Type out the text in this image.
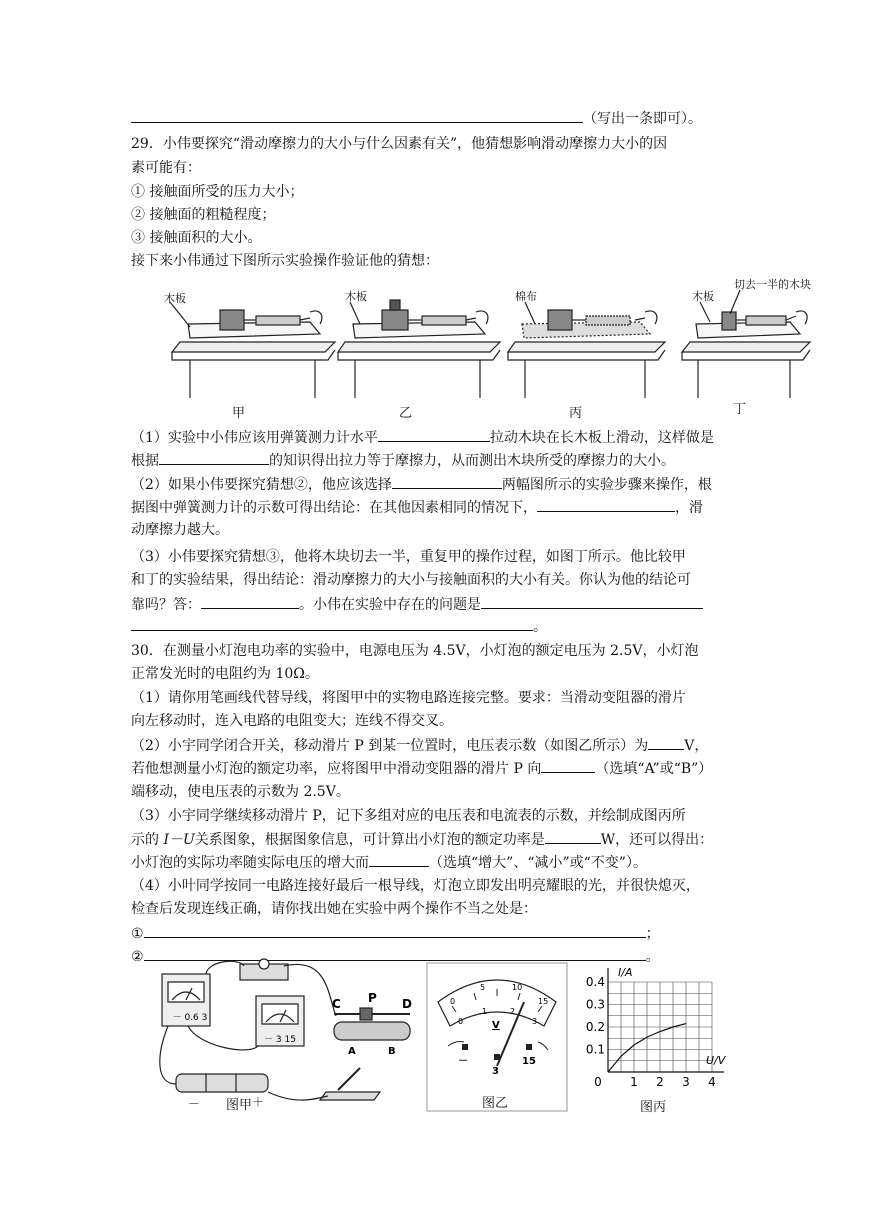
（写出一条即可）。
29．小伟要探究“滑动摩擦力的大小与什么因素有关”，他猜想影响滑动摩擦力大小的因
素可能有：
① 接触面所受的压力大小；
② 接触面的粗糙程度；
③ 接触面积的大小。
接下来小伟通过下图所示实验操作验证他的猜想：
木板	木板	棉布	木板
切去一半的木块
甲	乙	丙	丁
（1）实验中小伟应该用弹簧测力计水平	拉动木块在长木板上滑动，这样做是
根据	的知识得出拉力等于摩擦力，从而测出木块所受的摩擦力的大小。
（2）如果小伟要探究猜想②，他应该选择	两幅图所示的实验步骤来操作，根
据图中弹簧测力计的示数可得出结论：在其他因素相同的情况下，	，滑
动摩擦力越大。
（3）小伟要探究猜想③，他将木块切去一半，重复甲的操作过程，如图丁所示。他比较甲
和丁的实验结果，得出结论：滑动摩擦力的大小与接触面积的大小有关。你认为他的结论可
靠吗？答：	。小伟在实验中存在的问题是
。
30．在测量小灯泡电功率的实验中，电源电压为 4.5V，小灯泡的额定电压为 2.5V，小灯泡
正常发光时的电阻约为 10Ω。
（1）请你用笔画线代替导线，将图甲中的实物电路连接完整。要求：当滑动变阻器的滑片
向左移动时，连入电路的电阻变大；连线不得交叉。
（2）小宇同学闭合开关，移动滑片 P 到某一位置时，电压表示数（如图乙所示）为	V，
若他想测量小灯泡的额定功率，应将图甲中滑动变阻器的滑片 P 向	（选填“A”或“B”）
端移动，使电压表的示数为 2.5V。
（3）小宇同学继续移动滑片 P，记下多组对应的电压表和电流表的示数，并绘制成图丙所
示的 I－U关系图象，根据图象信息，可计算出小灯泡的额定功率是	W，还可以得出：
小灯泡的实际功率随实际电压的增大而	（选填“增大”、“减小”或“不变”）。
（4）小叶同学按同一电路连接好最后一根导线，灯泡立即发出明亮耀眼的光，并很快熄灭，
检查后发现连线正确，请你找出她在实验中两个操作不当之处是：
①	；
②	。
－ 0.6 3
－ 3 15
C P D
A	B
－	＋
图甲
0
5	10
15
0
1	2
3
V
－
3
15
图乙
I/A
U/V
0 1 2 3 4
0.1
0.2
0.3
0.4
图丙
